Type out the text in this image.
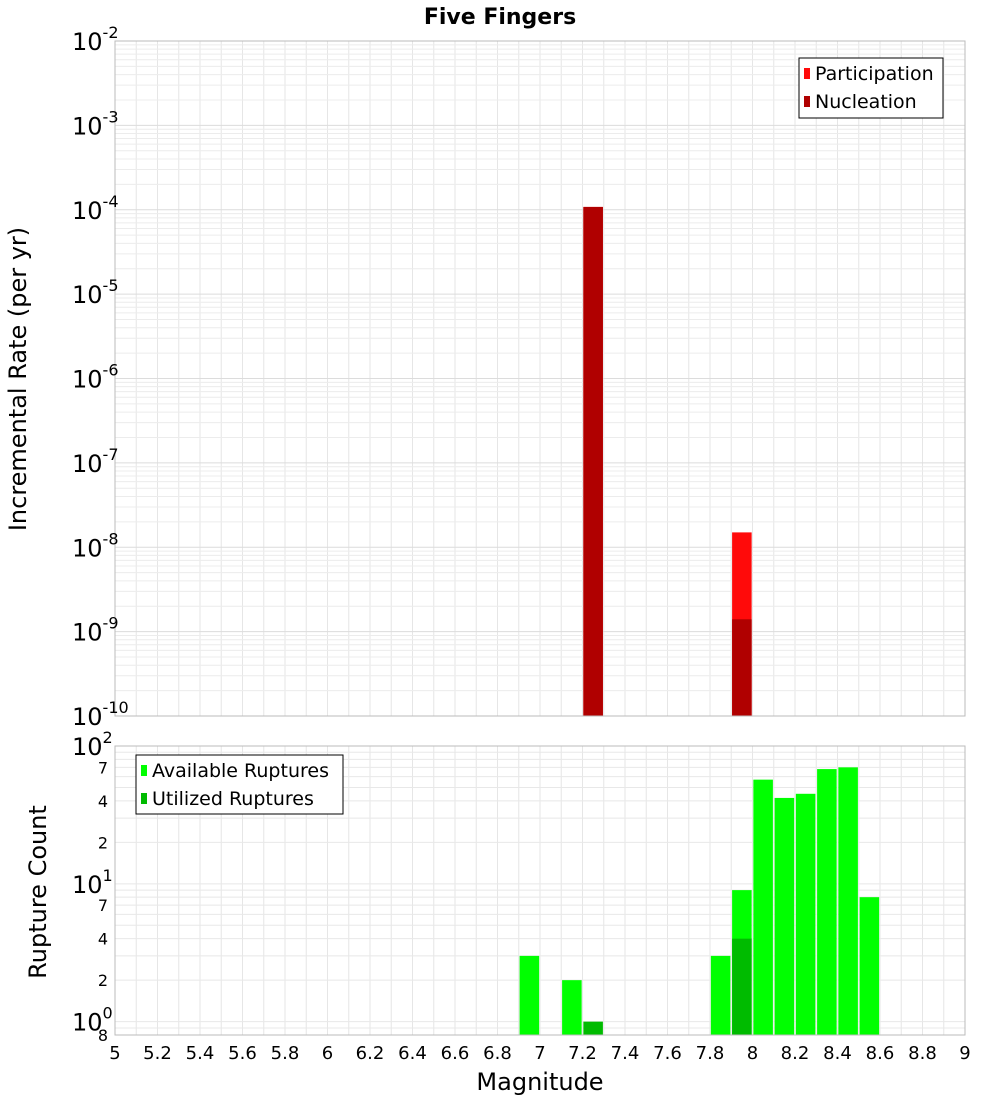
Five Fingers
10-10
10-9
10-8
10-7
10-6
10-5
10-4
10-3
10-2
Participation
Nucleation
Incremental Rate (per yr)
100
101
102
8
2
4
7
2
4
7
5 5.2 5.4 5.6 5.8 6 6.2 6.4 6.6 6.8 7 7.2 7.4 7.6 7.8 8 8.2 8.4 8.6 8.8 9
Available Ruptures
Utilized Ruptures
Rupture Count
Magnitude
